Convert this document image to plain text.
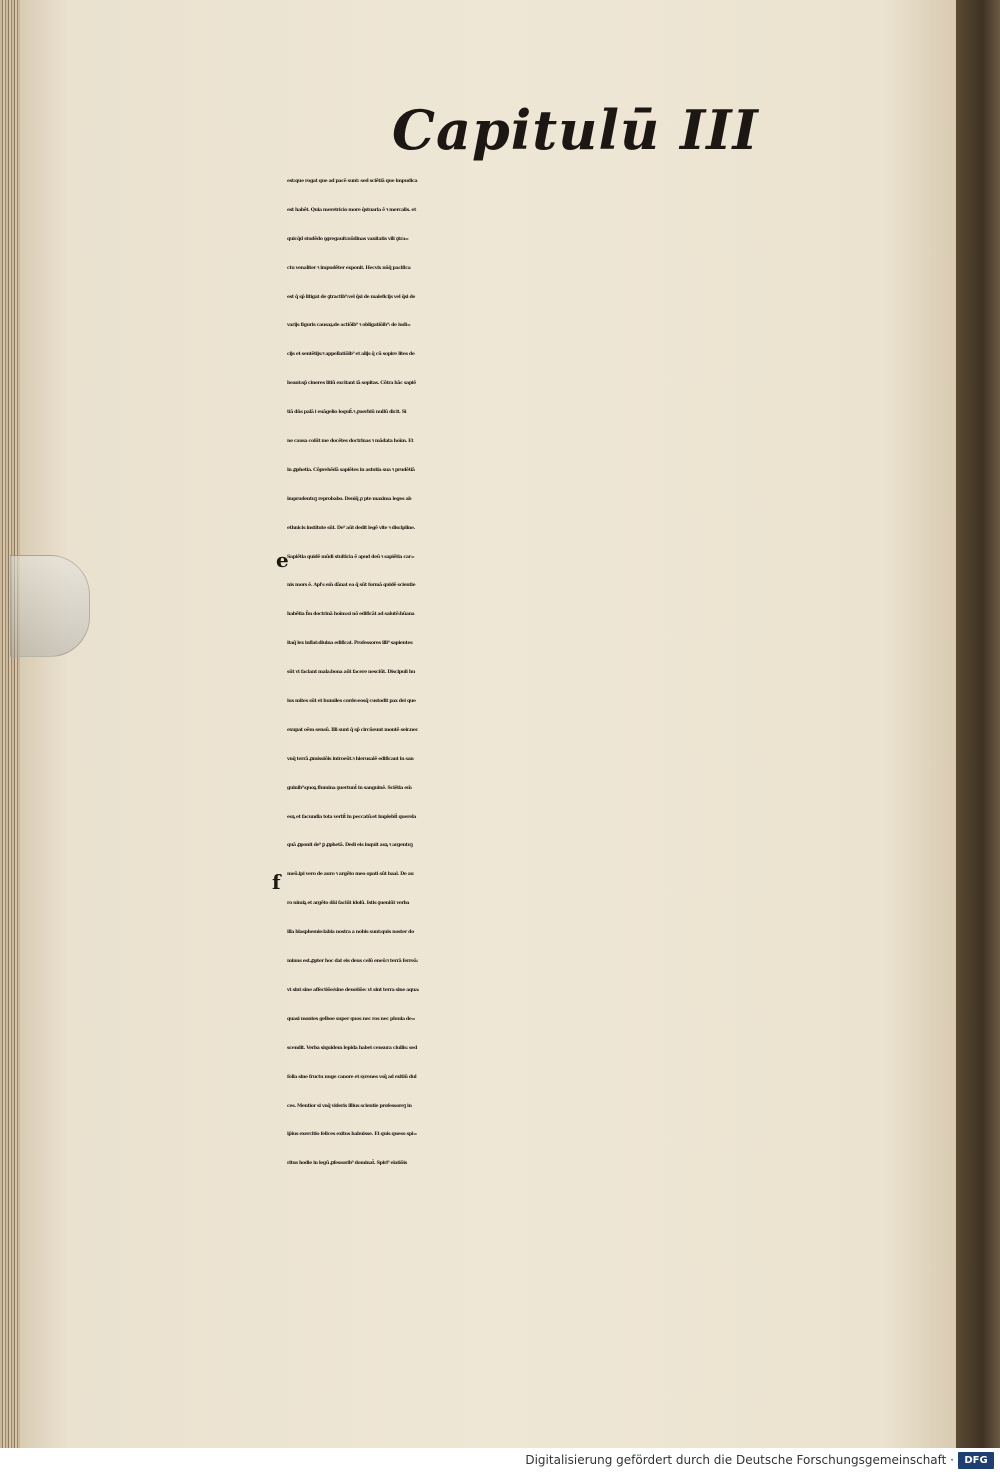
Capitulū III
est:que rogat que ad pacē sunt: sed sciētiā que impudica
est habēt. Quia meretricio more q̄stuaria ē ꝛ mercalis. et
quicq̄d studēdo ꝯgregauit:nūdinas vanitatis vili ꝯtra=
ctu venaliter ꝛ impudēter exponit. Hecvix nūq̄ pacifica
est q̄ sp̄ litigat de ꝯtractib⁹:vel q̄si de maleficijs vel q̄si de
varijs figuris causaꝝ:de actiōib⁹ ꝛ obligatiōib⁹: de iudi=
cijs et sentētijs:ꝛ appellatiōib⁹ et alijs q̄ cū sopire lites de
beant:sp̄ cineres litiū excitant iā sopitas. Cōtra hāc sapiē
tiā dn̄s palā i euāgelio loquit̄.ꝛ ꝓuerbiū nullū dicit. Si
ne causa colūt me docētes doctrinas ꝛ mādata hoīm. Et
in ꝓphetia. Cōprehēdā sapiētes in astutia sua ꝛ prudētiā
imprudentuꝫ reprobabo. Deniq̄ ꝓ pte maxima leges ab
ethnicis institute sūt. De⁹ aūt dedit legē vite ꝛ discipline.
Sapiētia quidē mūdi stulticia ē apud deū ꝛ sapiētia car=
nis mors ē. Apl's em̄ dānat ea q̄ sūt formā quidē scientie
habētia f̄m doctrinā hoīm:si nō edificāt ad salutē:hūana
itaq̄ lex inflat:diuina edificat. Professores illi⁹ sapientes
sūt vt faciant mala:bona aūt facere nesciūt. Discipuli hu
ius mites sūt et humiles corde:eosq̄ custodit pax dei que
exupat oēm sensū. Illi sunt q̄ sp̄ circūeunt montē seir.nec
vnq̄ terrā ꝓmissiōis introeūt.ꝛ hierusalē edificant in san
guinib⁹:quoꝝ flumina ꝯuertunt̄ in sanguinē. Sciētia em̄
eoꝝ et facundia tota vertit̄ in peccatū:et implebit̄ querela
quā ꝓponit de⁹ ꝑ ꝓphetā. Dedi eis inquit auꝝ ꝛ argentuꝫ
meū.ipi vero de auro ꝛ argēto meo opati sūt baal. De au
ro nimiꝝ et argēto dn̄i faciūt idolū. Istis ꝯueniūt verba
illa blasphemie:labia nostra a nobis sunt:quis noster do
minus est.ꝓpter hoc dat eis deus celū eneū:ꝛ terrā ferreā:
vt sint sine affectiōe/sine deuotiōe: vt sint terra sine aqua:
quasi montes gelboe super quos nec ros nec pluuia de=
scendit. Verba siquidem lepida habet censura ciuilis: sed
folia sine fructu nuge canore et syrenes vsq̄ ad exitiū dul
ces. Mentior si vnq̄ videris illius scientie professoreꝫ in
ip̄ius exercitio felices exitus habuisse. Et quis queso spi=
ritus hodie in legū ꝓfessorib⁹ dominat̄. Spiri⁹ elatiōis
e
f
Digitalisierung gefördert durch die Deutsche Forschungsgemeinschaft ·	DFG
